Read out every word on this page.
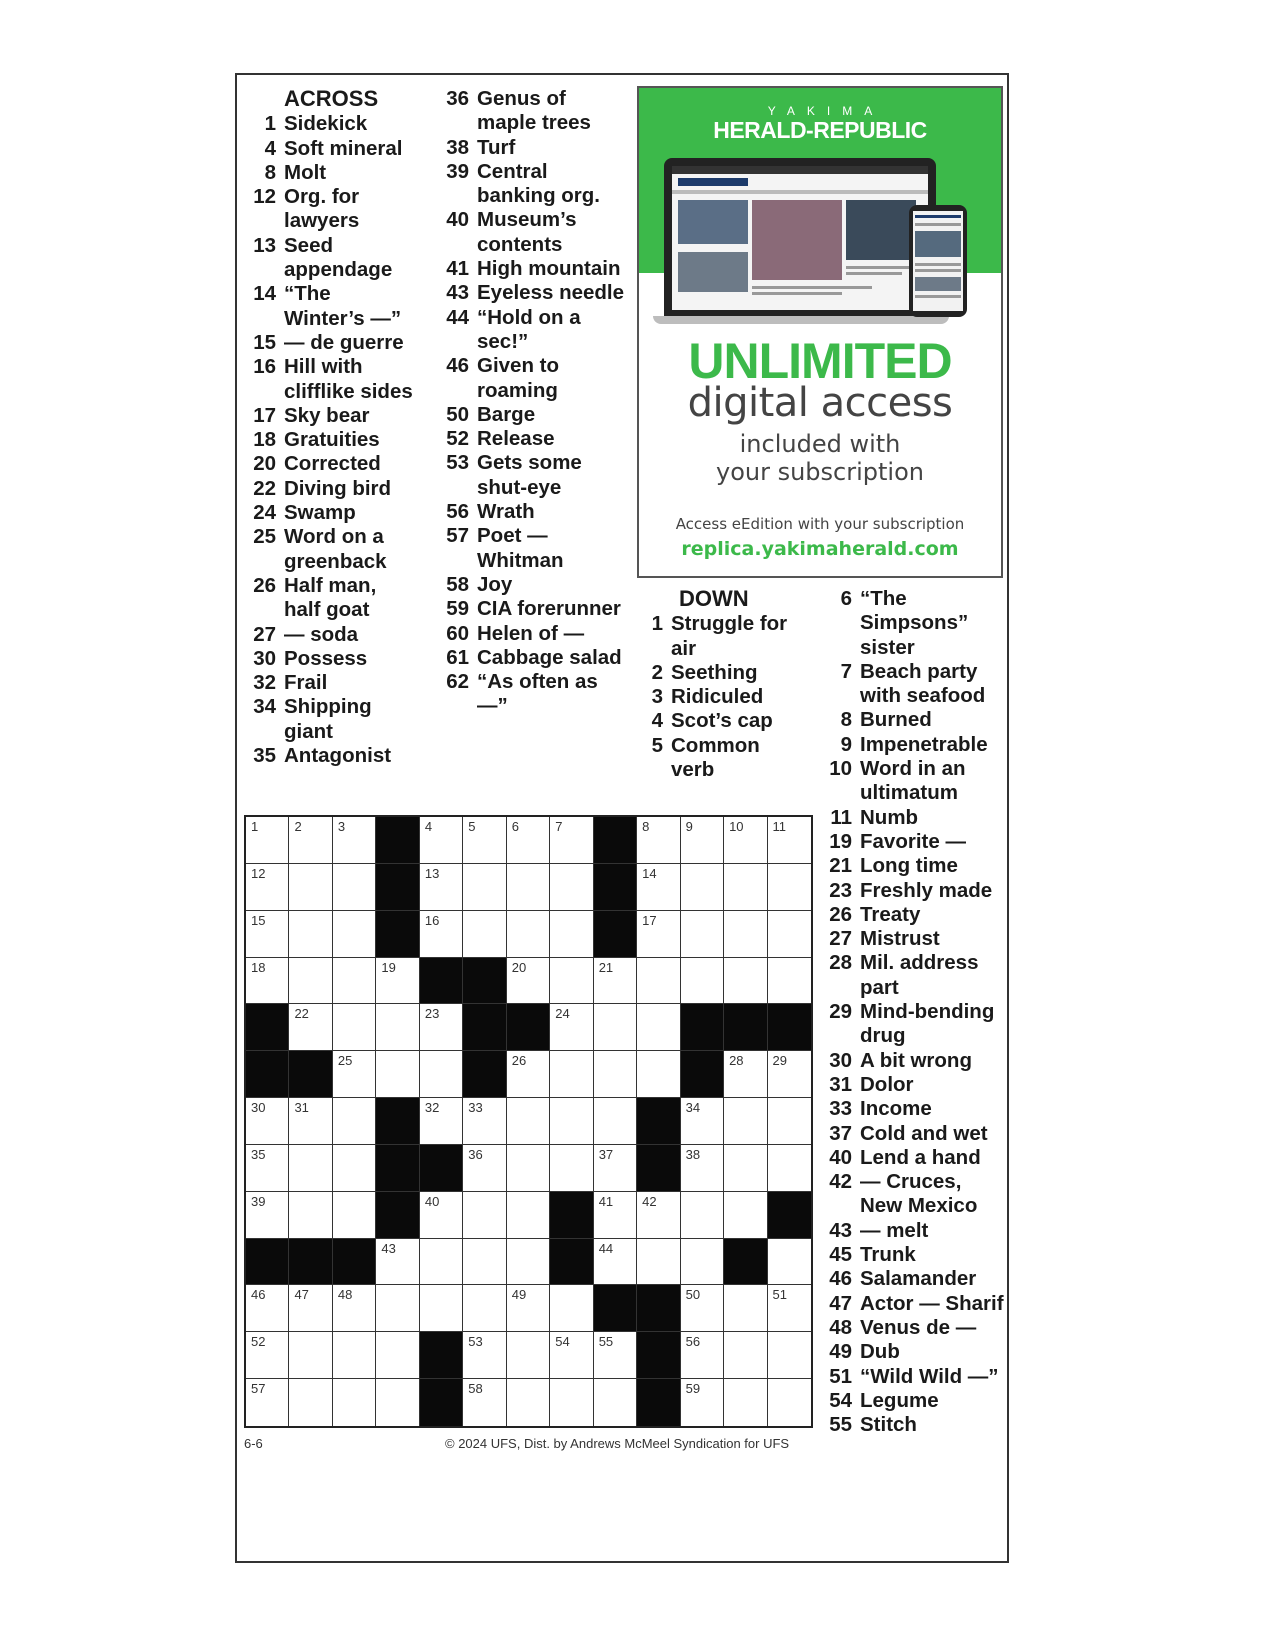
ACROSS
1 Sidekick
4 Soft mineral
8 Molt
12 Org. for lawyers
13 Seed appendage
14 “The Winter’s —”
15 — de guerre
16 Hill with clifflike sides
17 Sky bear
18 Gratuities
20 Corrected
22 Diving bird
24 Swamp
25 Word on a greenback
26 Half man, half goat
27 — soda
30 Possess
32 Frail
34 Shipping giant
35 Antagonist
36 Genus of maple trees
38 Turf
39 Central banking org.
40 Museum’s contents
41 High mountain
43 Eyeless needle
44 “Hold on a sec!”
46 Given to roaming
50 Barge
52 Release
53 Gets some shut-eye
56 Wrath
57 Poet — Whitman
58 Joy
59 CIA forerunner
60 Helen of —
61 Cabbage salad
62 “As often as —”
YAKIMA
HERALD-REPUBLIC
UNLIMITED
digital access
included with
your subscription
Access eEdition with your subscription
replica.yakimaherald.com
DOWN
1 Struggle for air
2 Seething
3 Ridiculed
4 Scot’s cap
5 Common verb
6 “The Simpsons” sister
7 Beach party with seafood
8 Burned
9 Impenetrable
10 Word in an ultimatum
11 Numb
19 Favorite —
21 Long time
23 Freshly made
26 Treaty
27 Mistrust
28 Mil. address part
29 Mind-bending drug
30 A bit wrong
31 Dolor
33 Income
37 Cold and wet
40 Lend a hand
42 — Cruces, New Mexico
43 — melt
45 Trunk
46 Salamander
47 Actor — Sharif
48 Venus de —
49 Dub
51 “Wild Wild —”
54 Legume
55 Stitch
1	2	3	4	5	6	7	8	9	10 11
12	13	14
15	16	17
18	19	20	21
22	23	24
25	26	28 29
30 31	32 33	34
35	36	37	38
39	40	41 42
43	44
46 47 48	49	50	51
52	53	54 55	56
57	58	59
6-6	© 2024 UFS, Dist. by Andrews McMeel Syndication for UFS
